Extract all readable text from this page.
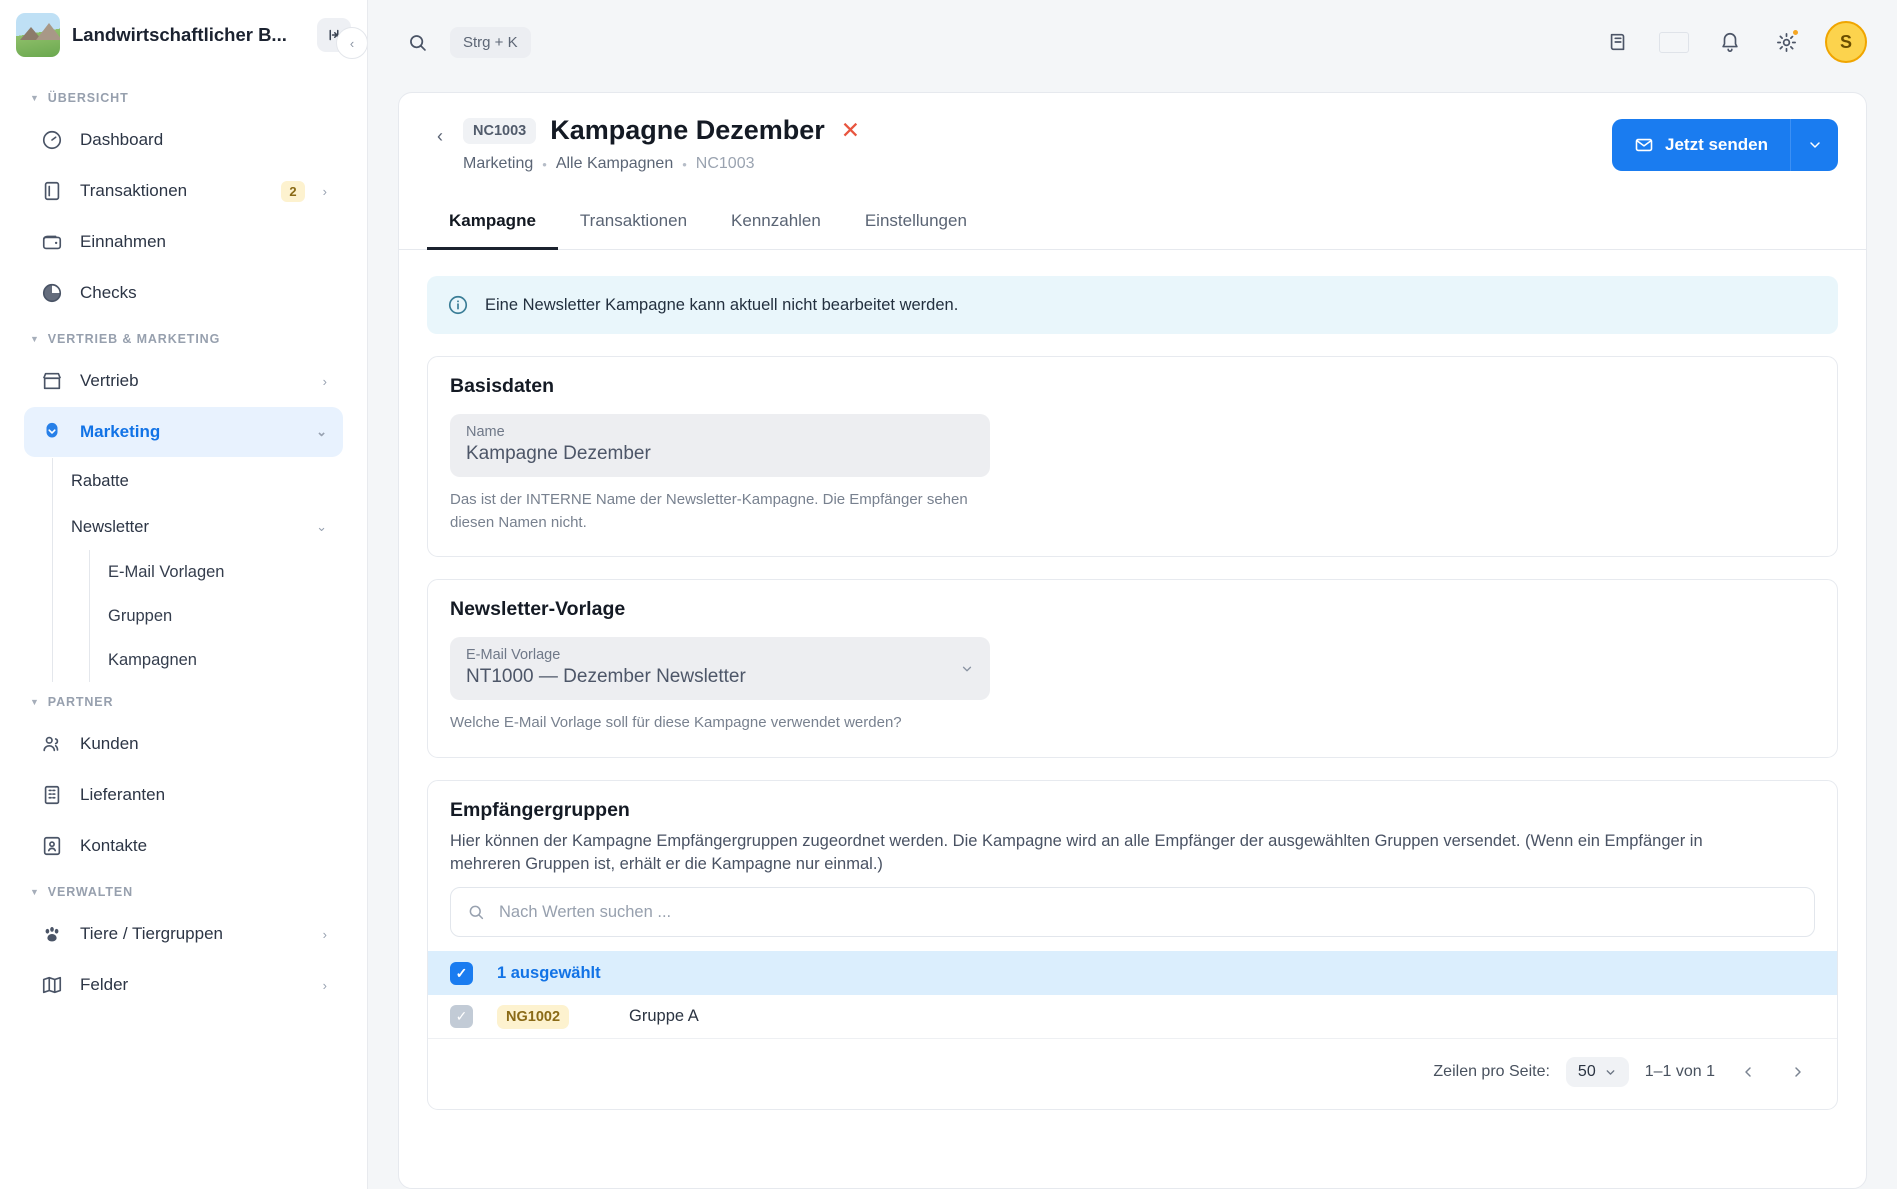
Landwirtschaftlicher B...	‹
▼ ÜBERSICHT
Dashboard
Transaktionen	2	›
Einnahmen
Checks
▼ VERTRIEB & MARKETING
Vertrieb	›
Marketing	⌄
Rabatte
Newsletter	⌄
E-Mail Vorlagen
Gruppen
Kampagnen
▼ PARTNER
Kunden
Lieferanten
Kontakte
▼ VERWALTEN
Tiere / Tiergruppen	›
Felder	›
Strg + K	S
‹	NC1003 Kampagne Dezember ✕
Marketing • Alle Kampagnen • NC1003
Jetzt senden
Kampagne	Transaktionen	Kennzahlen	Einstellungen
Eine Newsletter Kampagne kann aktuell nicht bearbeitet werden.
Basisdaten
Name
Kampagne Dezember
Das ist der INTERNE Name der Newsletter-Kampagne. Die Empfänger sehen diesen Namen nicht.
Newsletter-Vorlage
E-Mail Vorlage
NT1000 — Dezember Newsletter
Welche E-Mail Vorlage soll für diese Kampagne verwendet werden?
Empfängergruppen
Hier können der Kampagne Empfängergruppen zugeordnet werden. Die Kampagne wird an alle Empfänger der ausgewählten Gruppen versendet. (Wenn ein Empfänger in mehreren Gruppen ist, erhält er die Kampagne nur einmal.)
Nach Werten suchen ...
✓	1 ausgewählt
✓	NG1002	Gruppe A
Zeilen pro Seite: 50	1–1 von 1
